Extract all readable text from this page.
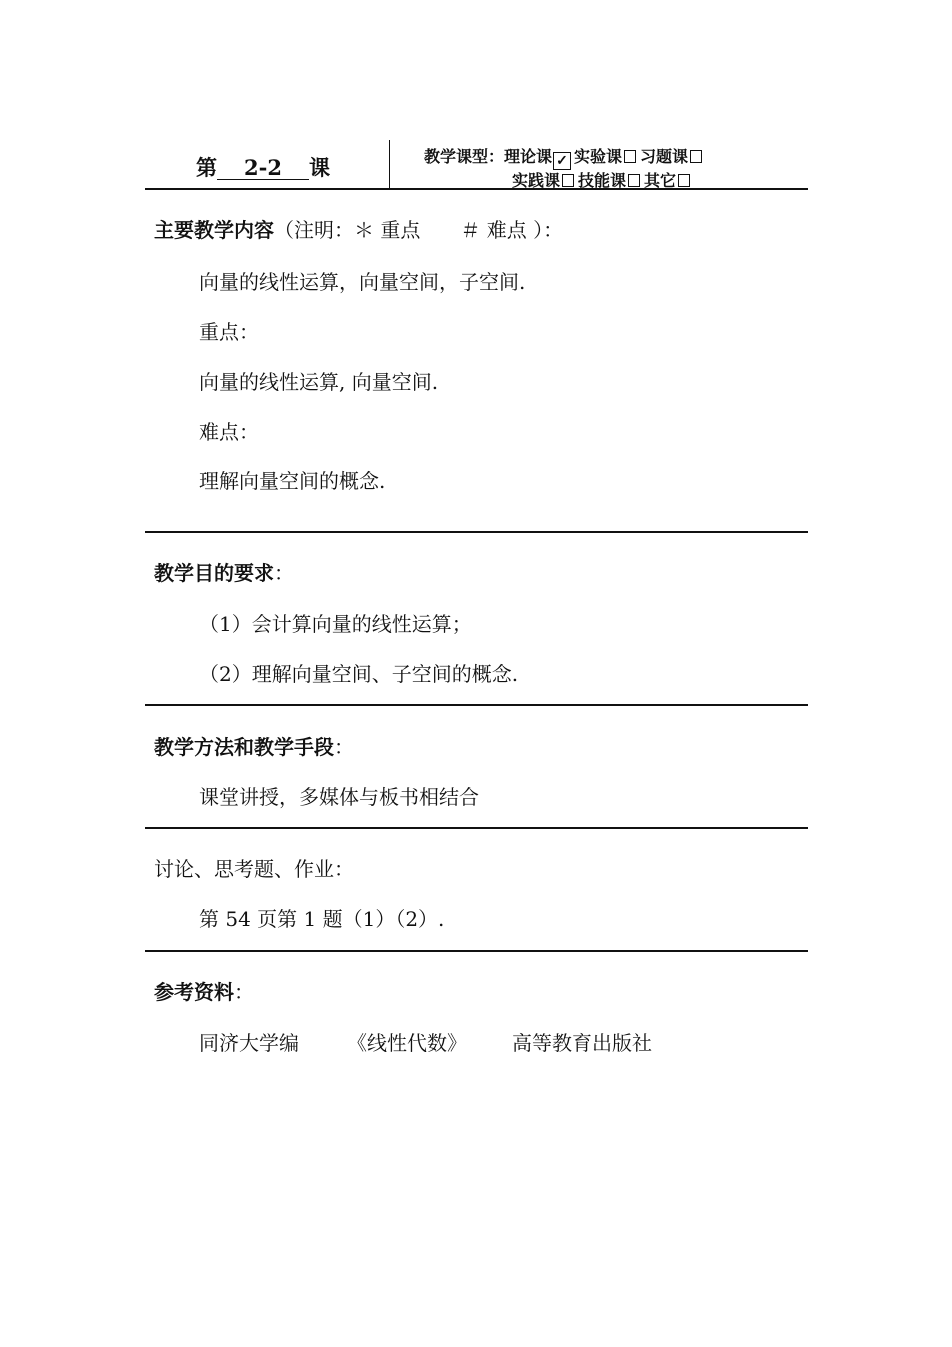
第 2-2 课	教学课型：理论课 ✓ 实验课 习题课
实践课 技能课 其它
主要教学内容（注明：＊ 重点　　＃ 难点 ）：
向量的线性运算，向量空间，子空间.
重点：
向量的线性运算, 向量空间.
难点：
理解向量空间的概念.
教学目的要求：
（1）会计算向量的线性运算；
（2）理解向量空间、子空间的概念.
教学方法和教学手段：
课堂讲授，多媒体与板书相结合
讨论、思考题、作业：
第 54 页第 1 题（1）（2）.
参考资料：
同济大学编 《线性代数》 高等教育出版社
